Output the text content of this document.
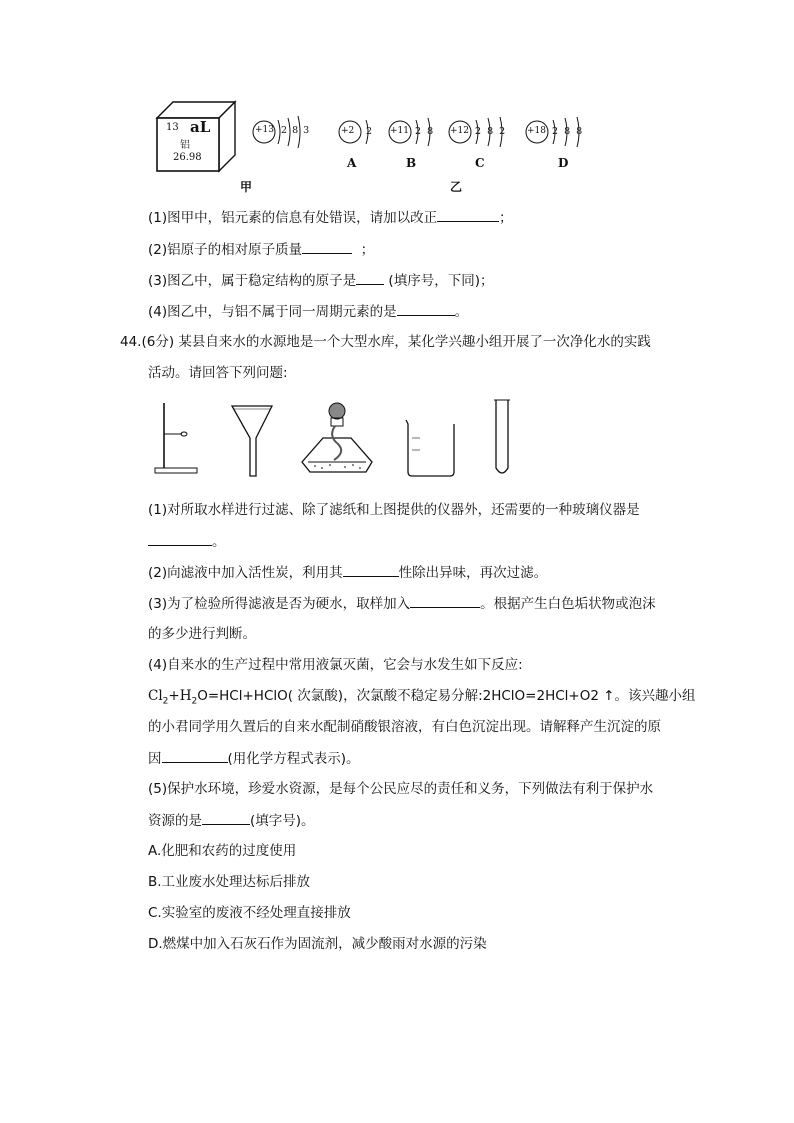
13 aL
铝
26.98
+13 2 8 3	+2 2
A
+11 2  8
B
+12 2  8  2
C
+18 2  8  8
D
甲	乙
(1)图甲中，铝元素的信息有处错误，请加以改正	；
(2)铝原子的相对原子质量	；
(3)图乙中，属于稳定结构的原子是 (填序号，下同)；
(4)图乙中，与铝不属于同一周期元素的是	。
44.(6分) 某县自来水的水源地是一个大型水库，某化学兴趣小组开展了一次净化水的实践
活动。请回答下列问题:
(1)对所取水样进行过滤、除了滤纸和上图提供的仪器外，还需要的一种玻璃仪器是
。
(2)向滤液中加入活性炭，利用其	性除出异味，再次过滤。
(3)为了检验所得滤液是否为硬水，取样加入	。根据产生白色垢状物或泡沫
的多少进行判断。
(4)自来水的生产过程中常用液氯灭菌，它会与水发生如下反应:
$Cl_2+H_2O=HCl+HClO$( 次氯酸)，次氯酸不稳定易分解:2HClO=2HCl+O2 ↑。该兴趣小组
的小君同学用久置后的自来水配制硝酸银溶液，有白色沉淀出现。请解释产生沉淀的原
因	(用化学方程式表示)。
(5)保护水环境，珍爱水资源，是每个公民应尽的责任和义务，下列做法有利于保护水
资源的是	(填字号)。
A.化肥和农药的过度使用
B.工业废水处理达标后排放
C.实验室的废液不经处理直接排放
D.燃煤中加入石灰石作为固流剂，减少酸雨对水源的污染
